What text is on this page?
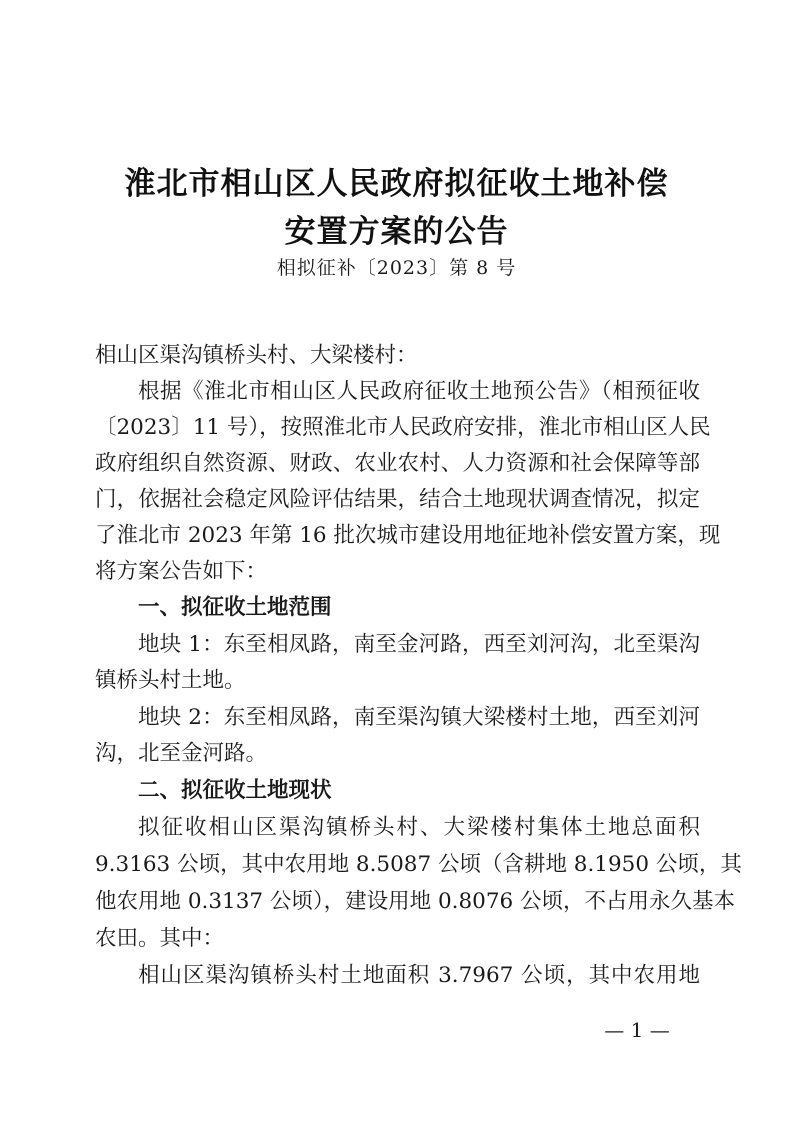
淮北市相山区人民政府拟征收土地补偿
安置方案的公告
相拟征补〔2023〕第 8 号
相山区渠沟镇桥头村、大梁楼村：
根据《淮北市相山区人民政府征收土地预公告》（相预征收
〔2023〕11 号），按照淮北市人民政府安排，淮北市相山区人民
政府组织自然资源、财政、农业农村、人力资源和社会保障等部
门，依据社会稳定风险评估结果，结合土地现状调查情况，拟定
了淮北市 2023 年第 16 批次城市建设用地征地补偿安置方案，现
将方案公告如下：
一、拟征收土地范围
地块 1：东至相凤路，南至金河路，西至刘河沟，北至渠沟
镇桥头村土地。
地块 2：东至相凤路，南至渠沟镇大梁楼村土地，西至刘河
沟，北至金河路。
二、拟征收土地现状
拟征收相山区渠沟镇桥头村、大梁楼村集体土地总面积
9.3163 公顷，其中农用地 8.5087 公顷（含耕地 8.1950 公顷，其
他农用地 0.3137 公顷），建设用地 0.8076 公顷，不占用永久基本
农田。其中：
相山区渠沟镇桥头村土地面积 3.7967 公顷，其中农用地
— 1 —
